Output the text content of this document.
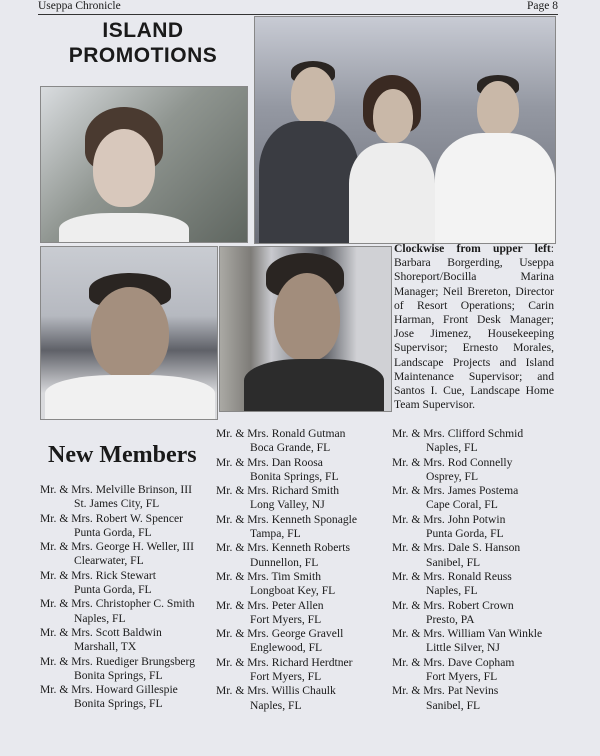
Useppa Chronicle	Page 8
ISLAND
PROMOTIONS
Clockwise from upper left: Barbara Borgerding, Useppa Shoreport/Bocilla Marina Manager; Neil Brereton, Director of Resort Operations; Carin Harman, Front Desk Manager; Jose Jimenez, Housekeeping Supervisor; Ernesto Morales, Landscape Projects and Island Maintenance Supervisor; and Santos I. Cue, Landscape Home Team Supervisor.
New Members
Mr. & Mrs. Melville Brinson, III
St. James City, FL
Mr. & Mrs. Robert W. Spencer
Punta Gorda, FL
Mr. & Mrs. George H. Weller, III
Clearwater, FL
Mr. & Mrs. Rick Stewart
Punta Gorda, FL
Mr. & Mrs. Christopher C. Smith
Naples, FL
Mr. & Mrs. Scott Baldwin
Marshall, TX
Mr. & Mrs. Ruediger Brungsberg
Bonita Springs, FL
Mr. & Mrs. Howard Gillespie
Bonita Springs, FL
Mr. & Mrs. Ronald Gutman
Boca Grande, FL
Mr. & Mrs. Dan Roosa
Bonita Springs, FL
Mr. & Mrs. Richard Smith
Long Valley, NJ
Mr. & Mrs. Kenneth Sponagle
Tampa, FL
Mr. & Mrs. Kenneth Roberts
Dunnellon, FL
Mr. & Mrs. Tim Smith
Longboat Key, FL
Mr. & Mrs. Peter Allen
Fort Myers, FL
Mr. & Mrs. George Gravell
Englewood, FL
Mr. & Mrs. Richard Herdtner
Fort Myers, FL
Mr. & Mrs. Willis Chaulk
Naples, FL
Mr. & Mrs. Clifford Schmid
Naples, FL
Mr. & Mrs. Rod Connelly
Osprey, FL
Mr. & Mrs. James Postema
Cape Coral, FL
Mr. & Mrs. John Potwin
Punta Gorda, FL
Mr. & Mrs. Dale S. Hanson
Sanibel, FL
Mr. & Mrs. Ronald Reuss
Naples, FL
Mr. & Mrs. Robert Crown
Presto, PA
Mr. & Mrs. William Van Winkle
Little Silver, NJ
Mr. & Mrs. Dave Copham
Fort Myers, FL
Mr. & Mrs. Pat Nevins
Sanibel, FL
